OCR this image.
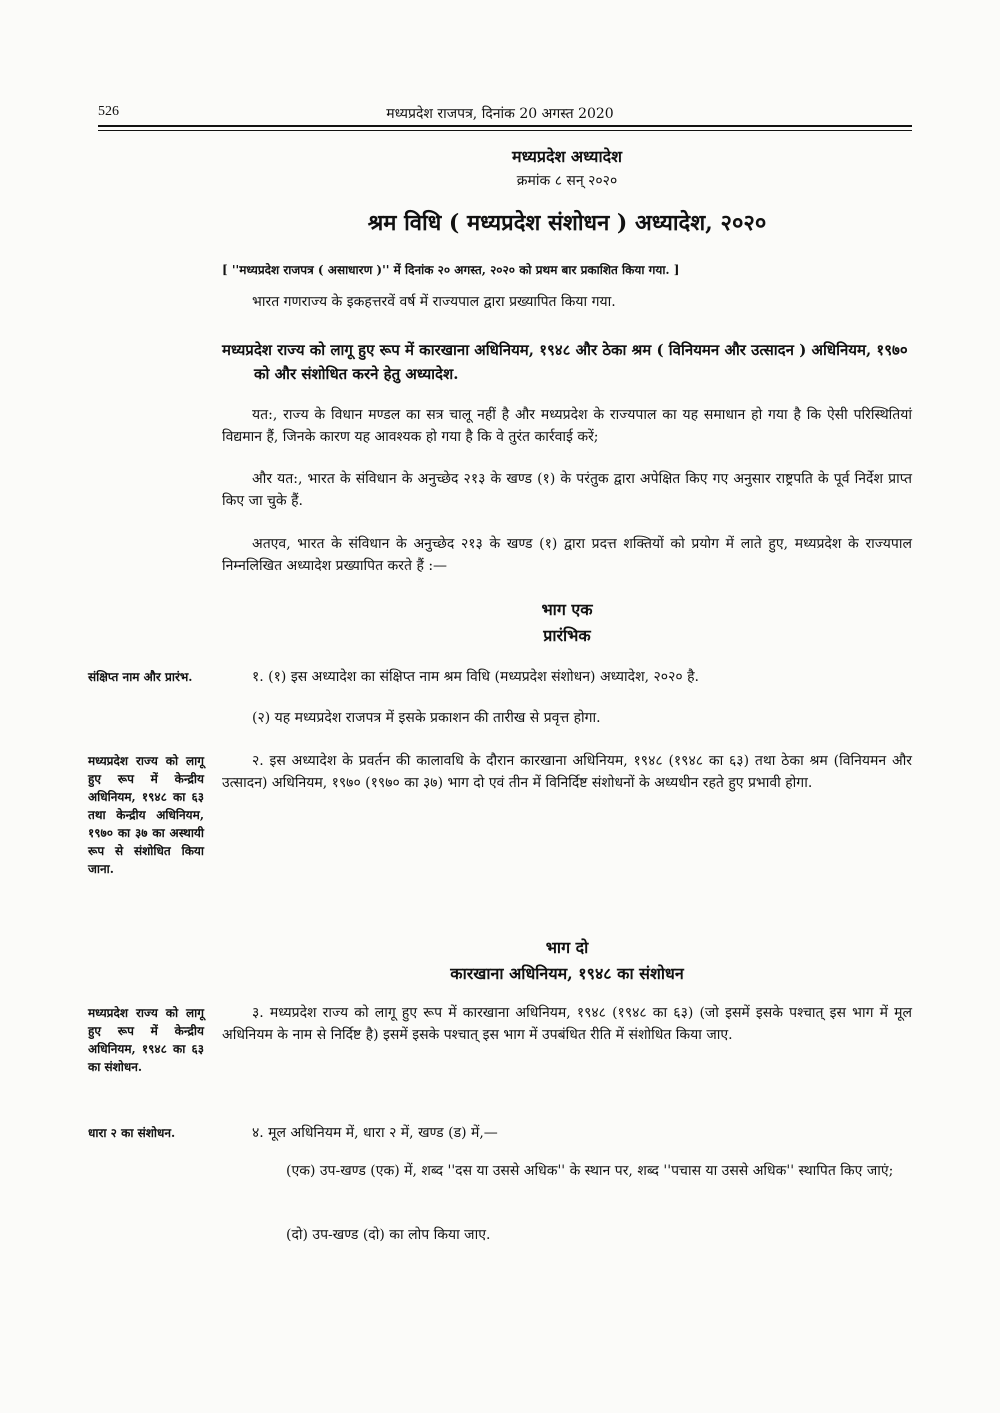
526	मध्यप्रदेश राजपत्र, दिनांक 20 अगस्त 2020
मध्यप्रदेश अध्यादेश
क्रमांक ८ सन् २०२०
श्रम विधि ( मध्यप्रदेश संशोधन ) अध्यादेश, २०२०
[ ''मध्यप्रदेश राजपत्र ( असाधारण )'' में दिनांक २० अगस्त, २०२० को प्रथम बार प्रकाशित किया गया. ]
भारत गणराज्य के इकहत्तरवें वर्ष में राज्यपाल द्वारा प्रख्यापित किया गया.
मध्यप्रदेश राज्य को लागू हुए रूप में कारखाना अधिनियम, १९४८ और ठेका श्रम ( विनियमन और उत्सादन ) अधिनियम, १९७० को और संशोधित करने हेतु अध्यादेश.
यत:, राज्य के विधान मण्डल का सत्र चालू नहीं है और मध्यप्रदेश के राज्यपाल का यह समाधान हो गया है कि ऐसी परिस्थितियां विद्यमान हैं, जिनके कारण यह आवश्यक हो गया है कि वे तुरंत कार्रवाई करें;
और यत:, भारत के संविधान के अनुच्छेद २१३ के खण्ड (१) के परंतुक द्वारा अपेक्षित किए गए अनुसार राष्ट्रपति के पूर्व निर्देश प्राप्त किए जा चुके हैं.
अतएव, भारत के संविधान के अनुच्छेद २१३ के खण्ड (१) द्वारा प्रदत्त शक्तियों को प्रयोग में लाते हुए, मध्यप्रदेश के राज्यपाल निम्नलिखित अध्यादेश प्रख्यापित करते हैं :—
भाग एक
प्रारंभिक
संक्षिप्त नाम और प्रारंभ.	१. (१) इस अध्यादेश का संक्षिप्त नाम श्रम विधि (मध्यप्रदेश संशोधन) अध्यादेश, २०२० है.
(२) यह मध्यप्रदेश राजपत्र में इसके प्रकाशन की तारीख से प्रवृत्त होगा.
मध्यप्रदेश राज्य को लागू हुए रूप में केन्द्रीय अधिनियम, १९४८ का ६३ तथा केन्द्रीय अधिनियम, १९७० का ३७ का अस्थायी रूप से संशोधित किया जाना.
२. इस अध्यादेश के प्रवर्तन की कालावधि के दौरान कारखाना अधिनियम, १९४८ (१९४८ का ६३) तथा ठेका श्रम (विनियमन और उत्सादन) अधिनियम, १९७० (१९७० का ३७) भाग दो एवं तीन में विनिर्दिष्ट संशोधनों के अध्यधीन रहते हुए प्रभावी होगा.
भाग दो
कारखाना अधिनियम, १९४८ का संशोधन
मध्यप्रदेश राज्य को लागू हुए रूप में केन्द्रीय अधिनियम, १९४८ का ६३ का संशोधन.
३. मध्यप्रदेश राज्य को लागू हुए रूप में कारखाना अधिनियम, १९४८ (१९४८ का ६३) (जो इसमें इसके पश्चात् इस भाग में मूल अधिनियम के नाम से निर्दिष्ट है) इसमें इसके पश्चात् इस भाग में उपबंधित रीति में संशोधित किया जाए.
धारा २ का संशोधन.	४. मूल अधिनियम में, धारा २ में, खण्ड (ड) में,—
(एक) उप-खण्ड (एक) में, शब्द ''दस या उससे अधिक'' के स्थान पर, शब्द ''पचास या उससे अधिक'' स्थापित किए जाएं;
(दो) उप-खण्ड (दो) का लोप किया जाए.
